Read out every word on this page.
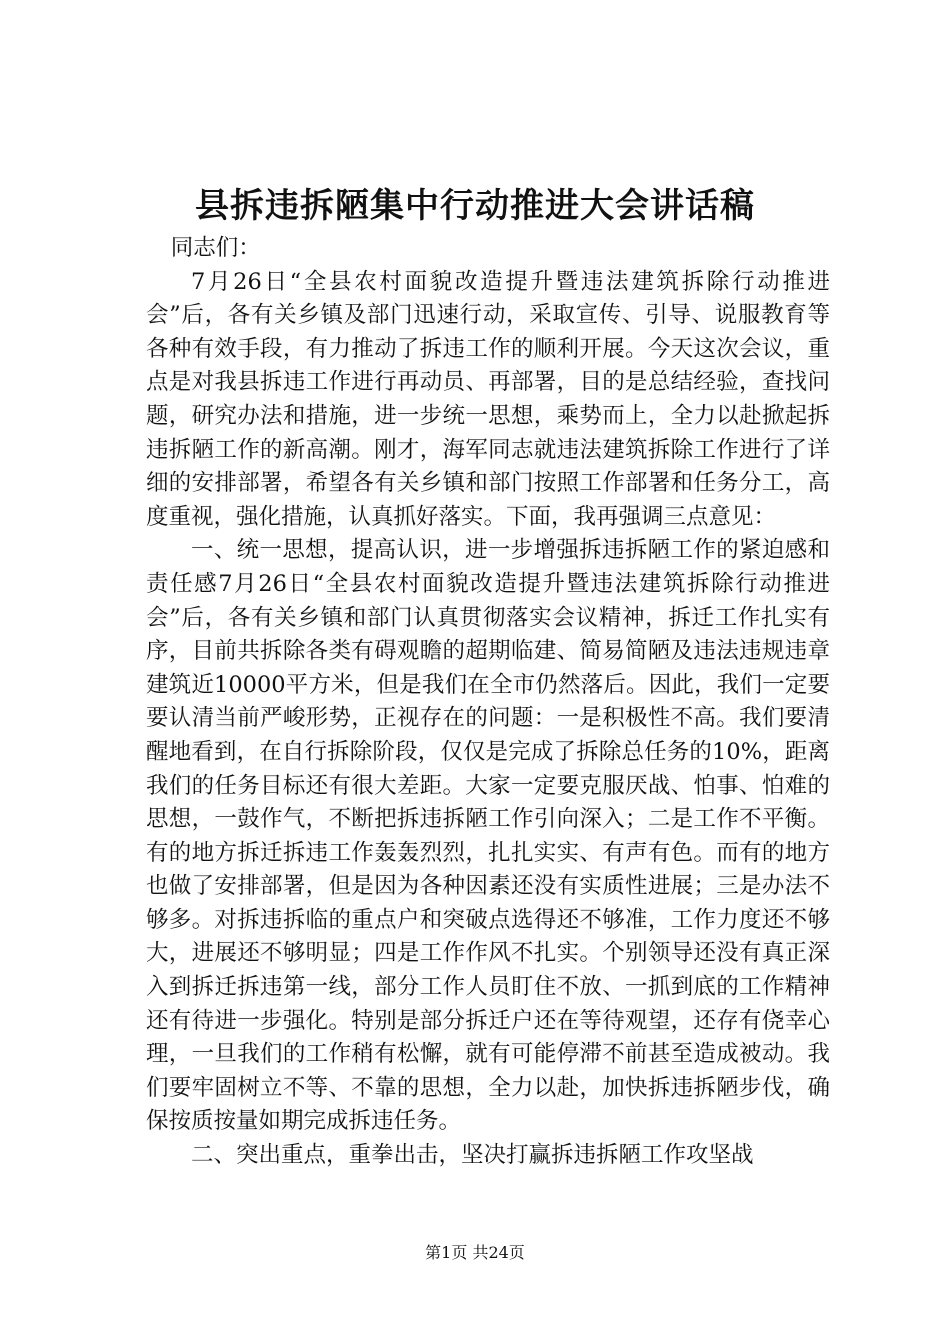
县拆违拆陋集中行动推进大会讲话稿

同志们：

7月26日“全县农村面貌改造提升暨违法建筑拆除行动推进会”后，各有关乡镇及部门迅速行动，采取宣传、引导、说服教育等各种有效手段，有力推动了拆违工作的顺利开展。今天这次会议，重点是对我县拆违工作进行再动员、再部署，目的是总结经验，查找问题，研究办法和措施，进一步统一思想，乘势而上，全力以赴掀起拆违拆陋工作的新高潮。刚才，海军同志就违法建筑拆除工作进行了详细的安排部署，希望各有关乡镇和部门按照工作部署和任务分工，高度重视，强化措施，认真抓好落实。下面，我再强调三点意见：

一、统一思想，提高认识，进一步增强拆违拆陋工作的紧迫感和责任感7月26日“全县农村面貌改造提升暨违法建筑拆除行动推进会”后，各有关乡镇和部门认真贯彻落实会议精神，拆迁工作扎实有序，目前共拆除各类有碍观瞻的超期临建、简易简陋及违法违规违章建筑近10000平方米，但是我们在全市仍然落后。因此，我们一定要要认清当前严峻形势，正视存在的问题：一是积极性不高。我们要清醒地看到，在自行拆除阶段，仅仅是完成了拆除总任务的10%，距离我们的任务目标还有很大差距。大家一定要克服厌战、怕事、怕难的思想，一鼓作气，不断把拆违拆陋工作引向深入；二是工作不平衡。有的地方拆迁拆违工作轰轰烈烈，扎扎实实、有声有色。而有的地方也做了安排部署，但是因为各种因素还没有实质性进展；三是办法不够多。对拆违拆临的重点户和突破点选得还不够准，工作力度还不够大，进展还不够明显；四是工作作风不扎实。个别领导还没有真正深入到拆迁拆违第一线，部分工作人员盯住不放、一抓到底的工作精神还有待进一步强化。特别是部分拆迁户还在等待观望，还存有侥幸心理，一旦我们的工作稍有松懈，就有可能停滞不前甚至造成被动。我们要牢固树立不等、不靠的思想，全力以赴，加快拆违拆陋步伐，确保按质按量如期完成拆违任务。

二、突出重点，重拳出击，坚决打赢拆违拆陋工作攻坚战

第1页 共24页
